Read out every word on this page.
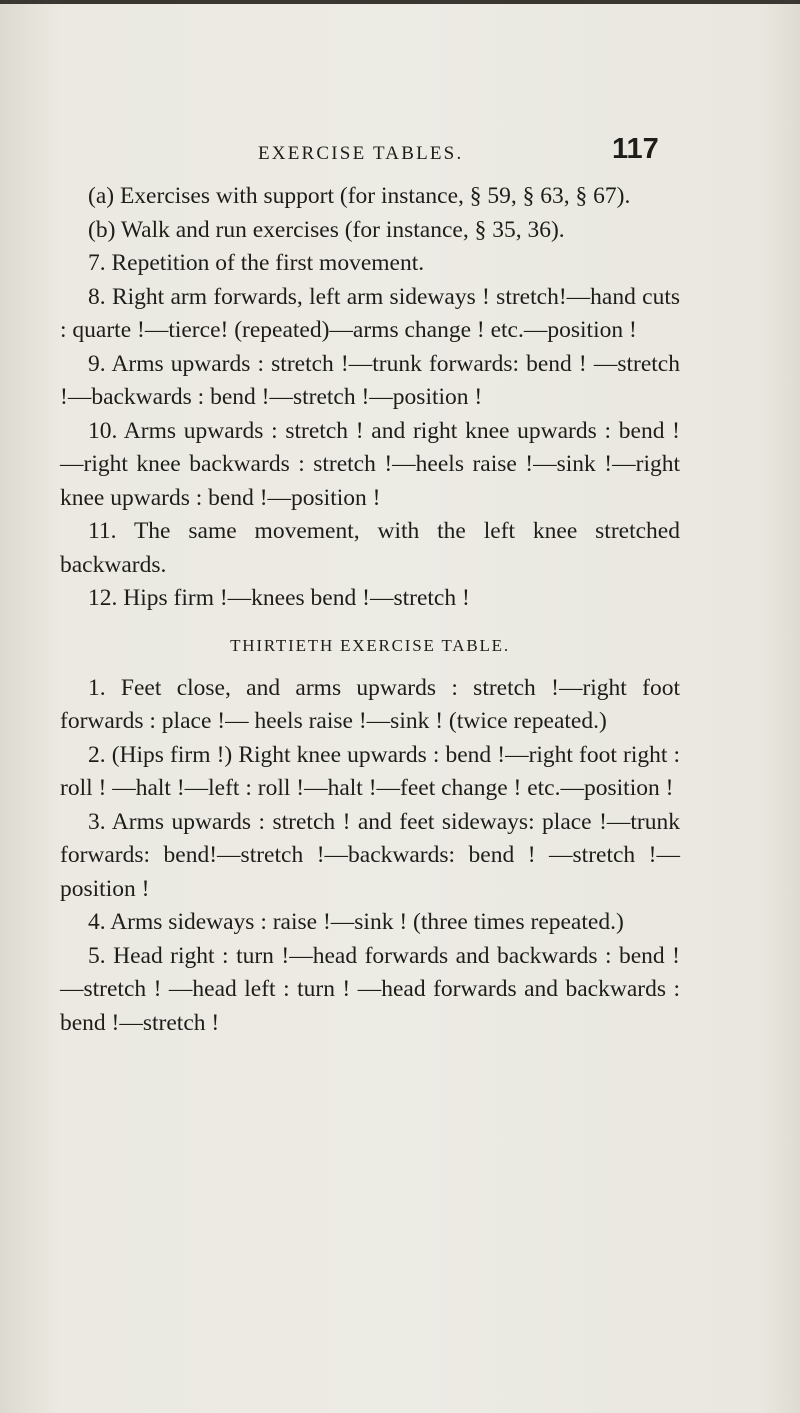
EXERCISE TABLES.	117

(a) Exercises with support (for instance, § 59, § 63, § 67).

(b) Walk and run exercises (for instance, § 35, 36).

7. Repetition of the first movement.

8. Right arm forwards, left arm sideways ! stretch!—hand cuts : quarte !—tierce! (repeated)—arms change ! etc.—position !

9. Arms upwards : stretch !—trunk forwards: bend ! —stretch !—backwards : bend !—stretch !—position !

10. Arms upwards : stretch ! and right knee upwards : bend !—right knee backwards : stretch !—heels raise !—sink !—right knee upwards : bend !—position !

11. The same movement, with the left knee stretched backwards.

12. Hips firm !—knees bend !—stretch !

THIRTIETH EXERCISE TABLE.

1. Feet close, and arms upwards : stretch !—right foot forwards : place !— heels raise !—sink ! (twice repeated.)

2. (Hips firm !) Right knee upwards : bend !—right foot right : roll ! —halt !—left : roll !—halt !—feet change ! etc.—position !

3. Arms upwards : stretch ! and feet sideways: place !—trunk forwards: bend!—stretch !—backwards: bend ! —stretch !—position !

4. Arms sideways : raise !—sink ! (three times repeated.)

5. Head right : turn !—head forwards and backwards : bend ! —stretch ! —head left : turn ! —head forwards and backwards : bend !—stretch !
